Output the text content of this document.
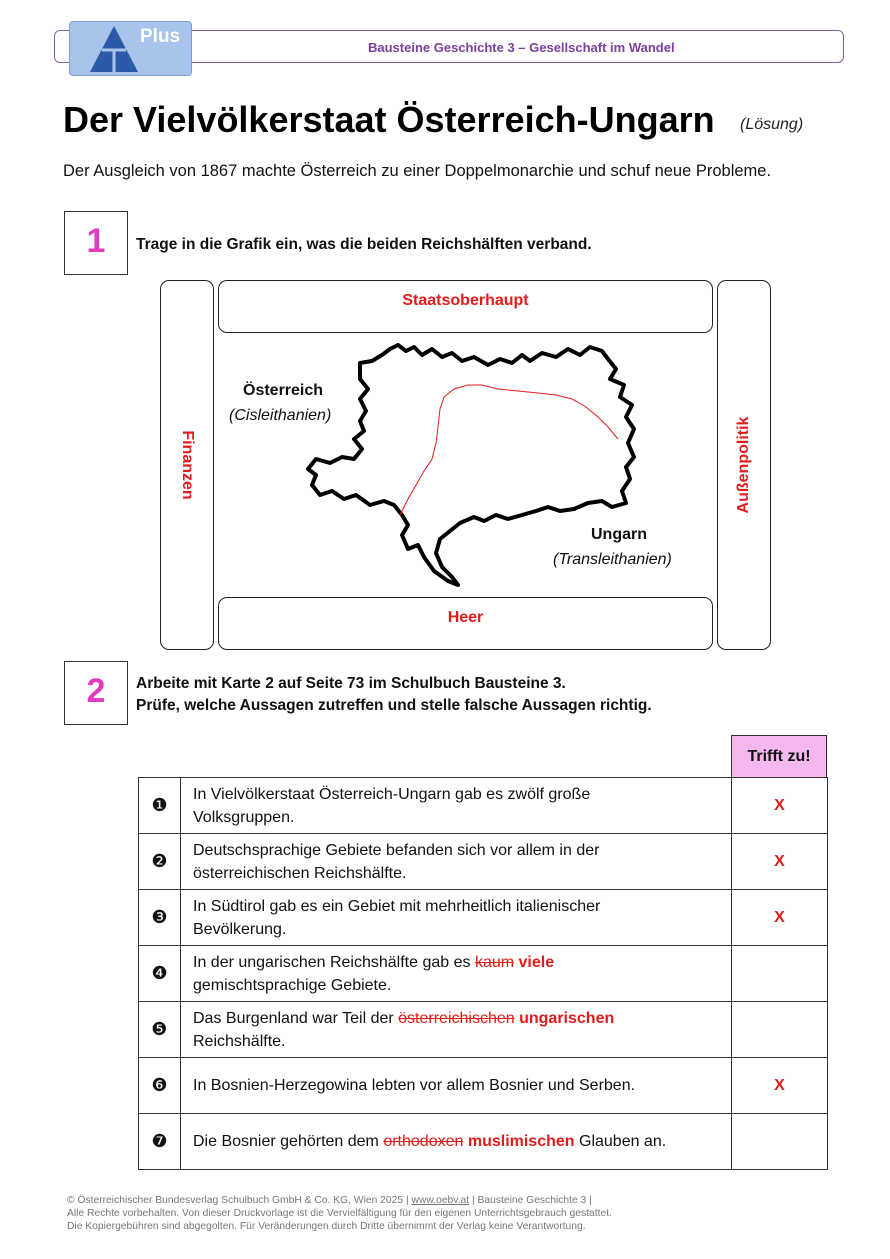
Bausteine Geschichte 3 – Gesellschaft im Wandel
Plus
Der Vielvölkerstaat Österreich-Ungarn (Lösung)
Der Ausgleich von 1867 machte Österreich zu einer Doppelmonarchie und schuf neue Probleme.
1	Trage in die Grafik ein, was die beiden Reichshälften verband.
Staatsoberhaupt
Heer
Finanzen	Außenpolitik
Österreich
(Cisleithanien)
Ungarn
(Transleithanien)
2	Arbeite mit Karte 2 auf Seite 73 im Schulbuch Bausteine 3.
Prüfe, welche Aussagen zutreffen und stelle falsche Aussagen richtig.
Trifft zu!
❶	In Vielvölkerstaat Österreich-Ungarn gab es zwölf große
Volksgruppen.	X
❷	Deutschsprachige Gebiete befanden sich vor allem in der
österreichischen Reichshälfte.	X
❸	In Südtirol gab es ein Gebiet mit mehrheitlich italienischer
Bevölkerung.	X
❹	In der ungarischen Reichshälfte gab es kaum viele
gemischtsprachige Gebiete.	

❺	Das Burgenland war Teil der österreichischen ungarischen
Reichshälfte.	

❻	In Bosnien-Herzegowina lebten vor allem Bosnier und Serben.	X
❼	Die Bosnier gehörten dem orthodoxen muslimischen Glauben an.	

© Österreichischer Bundesverlag Schulbuch GmbH & Co. KG, Wien 2025 | www.oebv.at | Bausteine Geschichte 3 |
Alle Rechte vorbehalten. Von dieser Druckvorlage ist die Vervielfältigung für den eigenen Unterrichtsgebrauch gestattet.
Die Kopiergebühren sind abgegolten. Für Veränderungen durch Dritte übernimmt der Verlag keine Verantwortung.
